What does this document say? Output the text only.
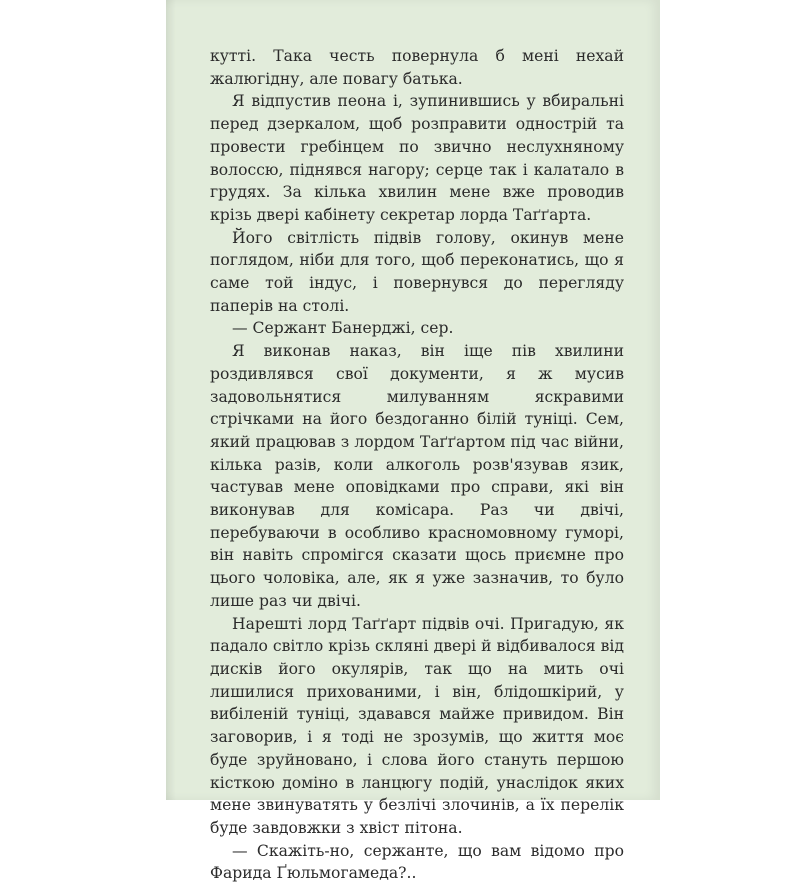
кутті. Така честь повернула б мені нехай жалюгідну, але повагу батька.

Я відпустив пеона і, зупинившись у вбиральні перед дзеркалом, щоб розправити однострій та провести гребінцем по звично неслухняному волоссю, піднявся нагору; серце так і калатало в грудях. За кілька хвилин мене вже проводив крізь двері кабінету секретар лорда Таґґарта.

Його світлість підвів голову, окинув мене поглядом, ніби для того, щоб переконатись, що я саме той індус, і повернувся до перегляду паперів на столі.

— Сержант Банерджі, сер.

Я виконав наказ, він іще пів хвилини роздивлявся свої документи, я ж мусив задовольнятися милуванням яскравими стрічками на його бездоганно білій туніці. Сем, який працював з лордом Таґґартом під час війни, кілька разів, коли алкоголь розв'язував язик, частував мене оповідками про справи, які він виконував для комісара. Раз чи двічі, перебуваючи в особливо красномовному гуморі, він навіть спромігся сказати щось приємне про цього чоловіка, але, як я уже зазначив, то було лише раз чи двічі.

Нарешті лорд Таґґарт підвів очі. Пригадую, як падало світло крізь скляні двері й відбивалося від дисків його окулярів, так що на мить очі лишилися прихованими, і він, блідошкірий, у вибіленій туніці, здавався майже привидом. Він заговорив, і я тоді не зрозумів, що життя моє буде зруйновано, і слова його стануть першою кісткою доміно в ланцюгу подій, унаслідок яких мене звинуватять у безлічі злочинів, а їх перелік буде завдовжки з хвіст пітона.

— Скажіть-но, сержанте, що вам відомо про Фарида Ґюльмогамеда?..
